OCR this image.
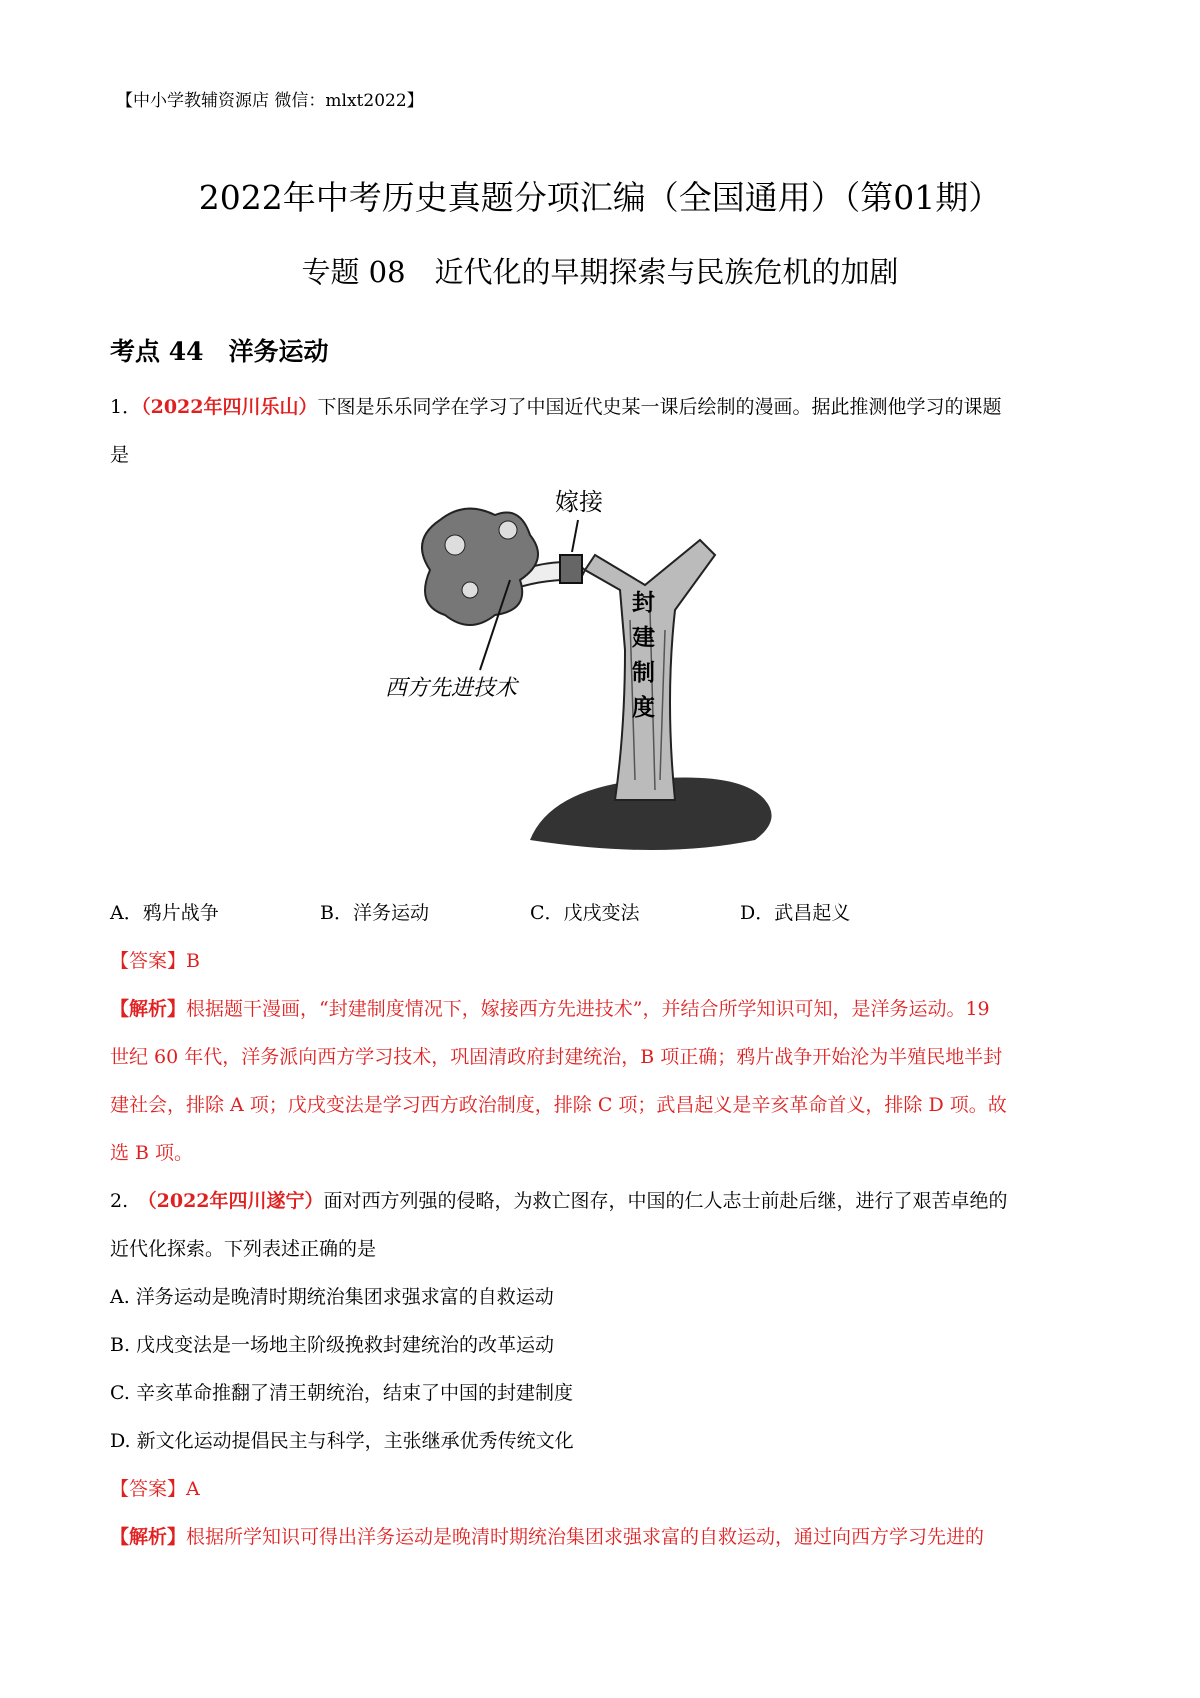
【中小学教辅资源店 微信：mlxt2022】
2022年中考历史真题分项汇编（全国通用）（第01期）
专题 08　近代化的早期探索与民族危机的加剧
考点 44　洋务运动
1．（2022年四川乐山）下图是乐乐同学在学习了中国近代史某一课后绘制的漫画。据此推测他学习的课题
是
嫁接
西方先进技术
封
建
制
度
A．鸦片战争	B．洋务运动	C．戊戌变法	D．武昌起义
【答案】B
【解析】根据题干漫画，“封建制度情况下，嫁接西方先进技术”，并结合所学知识可知，是洋务运动。19
世纪 60 年代，洋务派向西方学习技术，巩固清政府封建统治，B 项正确；鸦片战争开始沦为半殖民地半封
建社会，排除 A 项；戊戌变法是学习西方政治制度，排除 C 项；武昌起义是辛亥革命首义，排除 D 项。故
选 B 项。
2.　（2022年四川遂宁）面对西方列强的侵略，为救亡图存，中国的仁人志士前赴后继，进行了艰苦卓绝的
近代化探索。下列表述正确的是
A. 洋务运动是晚清时期统治集团求强求富的自救运动
B. 戊戌变法是一场地主阶级挽救封建统治的改革运动
C. 辛亥革命推翻了清王朝统治，结束了中国的封建制度
D. 新文化运动提倡民主与科学，主张继承优秀传统文化
【答案】A
【解析】根据所学知识可得出洋务运动是晚清时期统治集团求强求富的自救运动，通过向西方学习先进的
